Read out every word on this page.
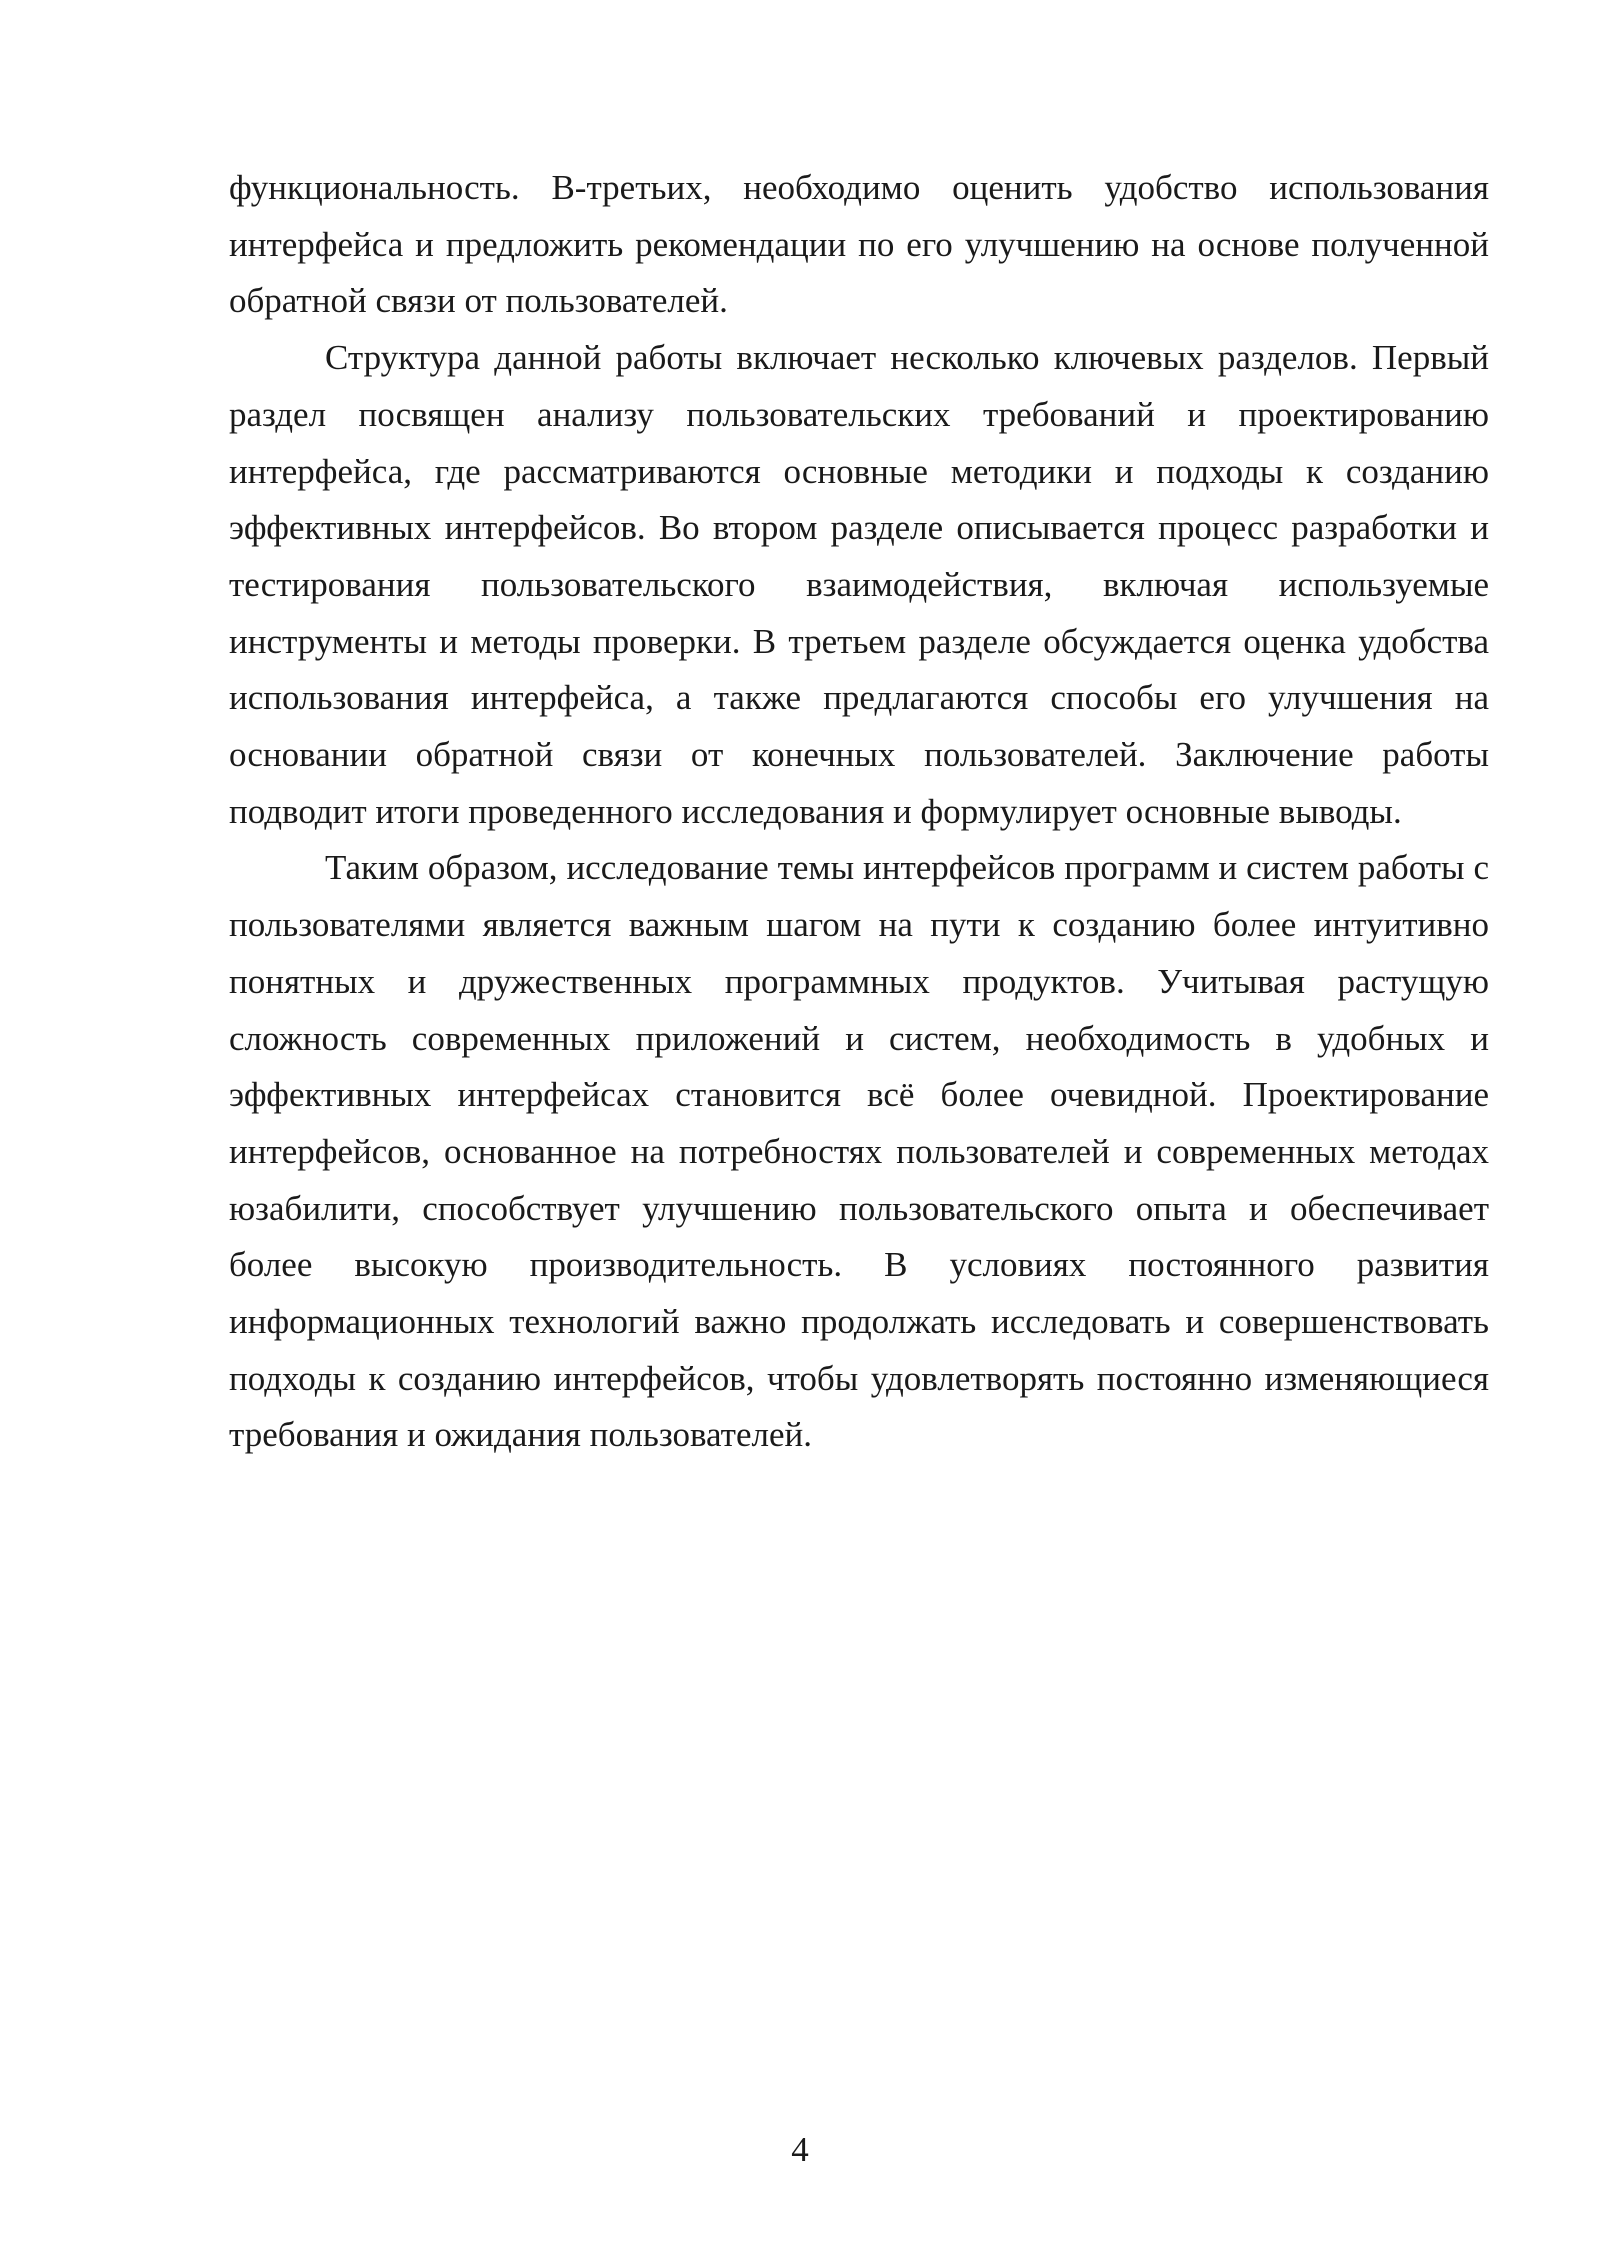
функциональность. В-третьих, необходимо оценить удобство использования интерфейса и предложить рекомендации по его улучшению на основе полученной обратной связи от пользователей.

Структура данной работы включает несколько ключевых разделов. Первый раздел посвящен анализу пользовательских требований и проектированию интерфейса, где рассматриваются основные методики и подходы к созданию эффективных интерфейсов. Во втором разделе описывается процесс разработки и тестирования пользовательского взаимодействия, включая используемые инструменты и методы проверки. В третьем разделе обсуждается оценка удобства использования интерфейса, а также предлагаются способы его улучшения на основании обратной связи от конечных пользователей. Заключение работы подводит итоги проведенного исследования и формулирует основные выводы.

Таким образом, исследование темы интерфейсов программ и систем работы с пользователями является важным шагом на пути к созданию более интуитивно понятных и дружественных программных продуктов. Учитывая растущую сложность современных приложений и систем, необходимость в удобных и эффективных интерфейсах становится всё более очевидной. Проектирование интерфейсов, основанное на потребностях пользователей и современных методах юзабилити, способствует улучшению пользовательского опыта и обеспечивает более высокую производительность. В условиях постоянного развития информационных технологий важно продолжать исследовать и совершенствовать подходы к созданию интерфейсов, чтобы удовлетворять постоянно изменяющиеся требования и ожидания пользователей.

4
